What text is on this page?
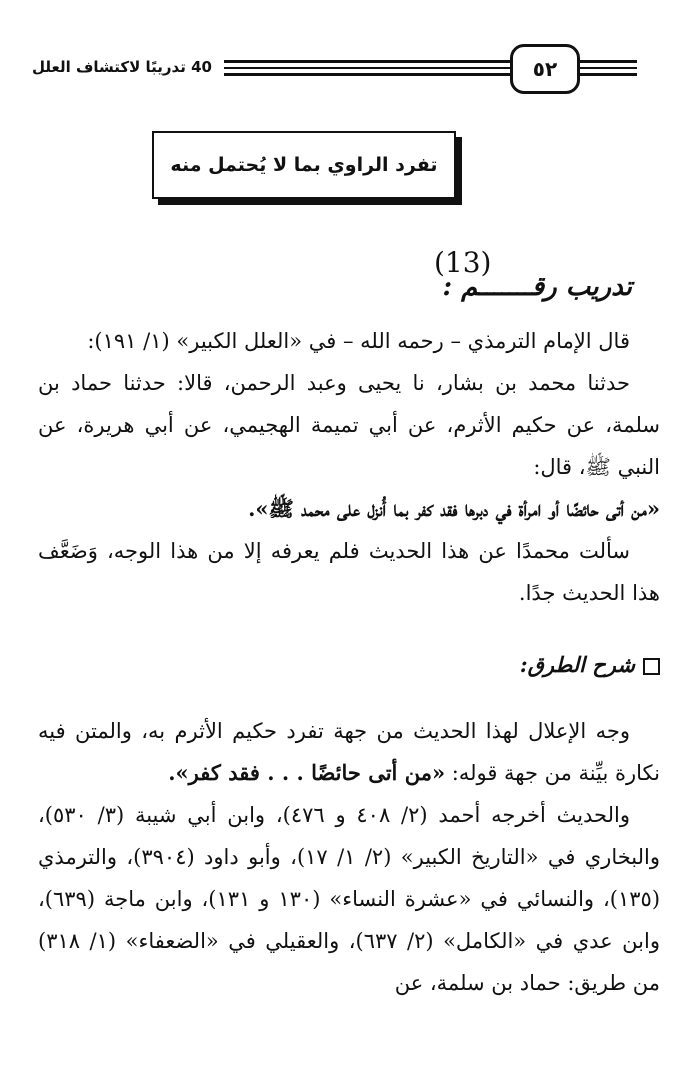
40 تدريبًا لاكتشاف العلل	٥٢
تفرد الراوي بما لا يُحتمل منه
(13)
تدريب رقـــــــم :

قال الإمام الترمذي – رحمه الله – في «العلل الكبير» (١/ ١٩١):

حدثنا محمد بن بشار، نا يحيى وعبد الرحمن، قالا: حدثنا حماد بن سلمة، عن حكيم الأثرم، عن أبي تميمة الهجيمي، عن أبي هريرة، عن النبي ﷺ، قال:

«من أتى حائضًا أو امرأة في دبرها فقد كفر بما أُنزل على محمد ﷺ».

سألت محمدًا عن هذا الحديث فلم يعرفه إلا من هذا الوجه، وَضَعَّف هذا الحديث جدًا.

شرح الطرق:

وجه الإعلال لهذا الحديث من جهة تفرد حكيم الأثرم به، والمتن فيه نكارة بيِّنة من جهة قوله: «من أتى حائضًا . . . فقد كفر».

والحديث أخرجه أحمد (٢/ ٤٠٨ و ٤٧٦)، وابن أبي شيبة (٣/ ٥٣٠)، والبخاري في «التاريخ الكبير» (٢/ ١/ ١٧)، وأبو داود (٣٩٠٤)، والترمذي (١٣٥)، والنسائي في «عشرة النساء» (١٣٠ و ١٣١)، وابن ماجة (٦٣٩)، وابن عدي في «الكامل» (٢/ ٦٣٧)، والعقيلي في «الضعفاء» (١/ ٣١٨) من طريق: حماد بن سلمة، عن
